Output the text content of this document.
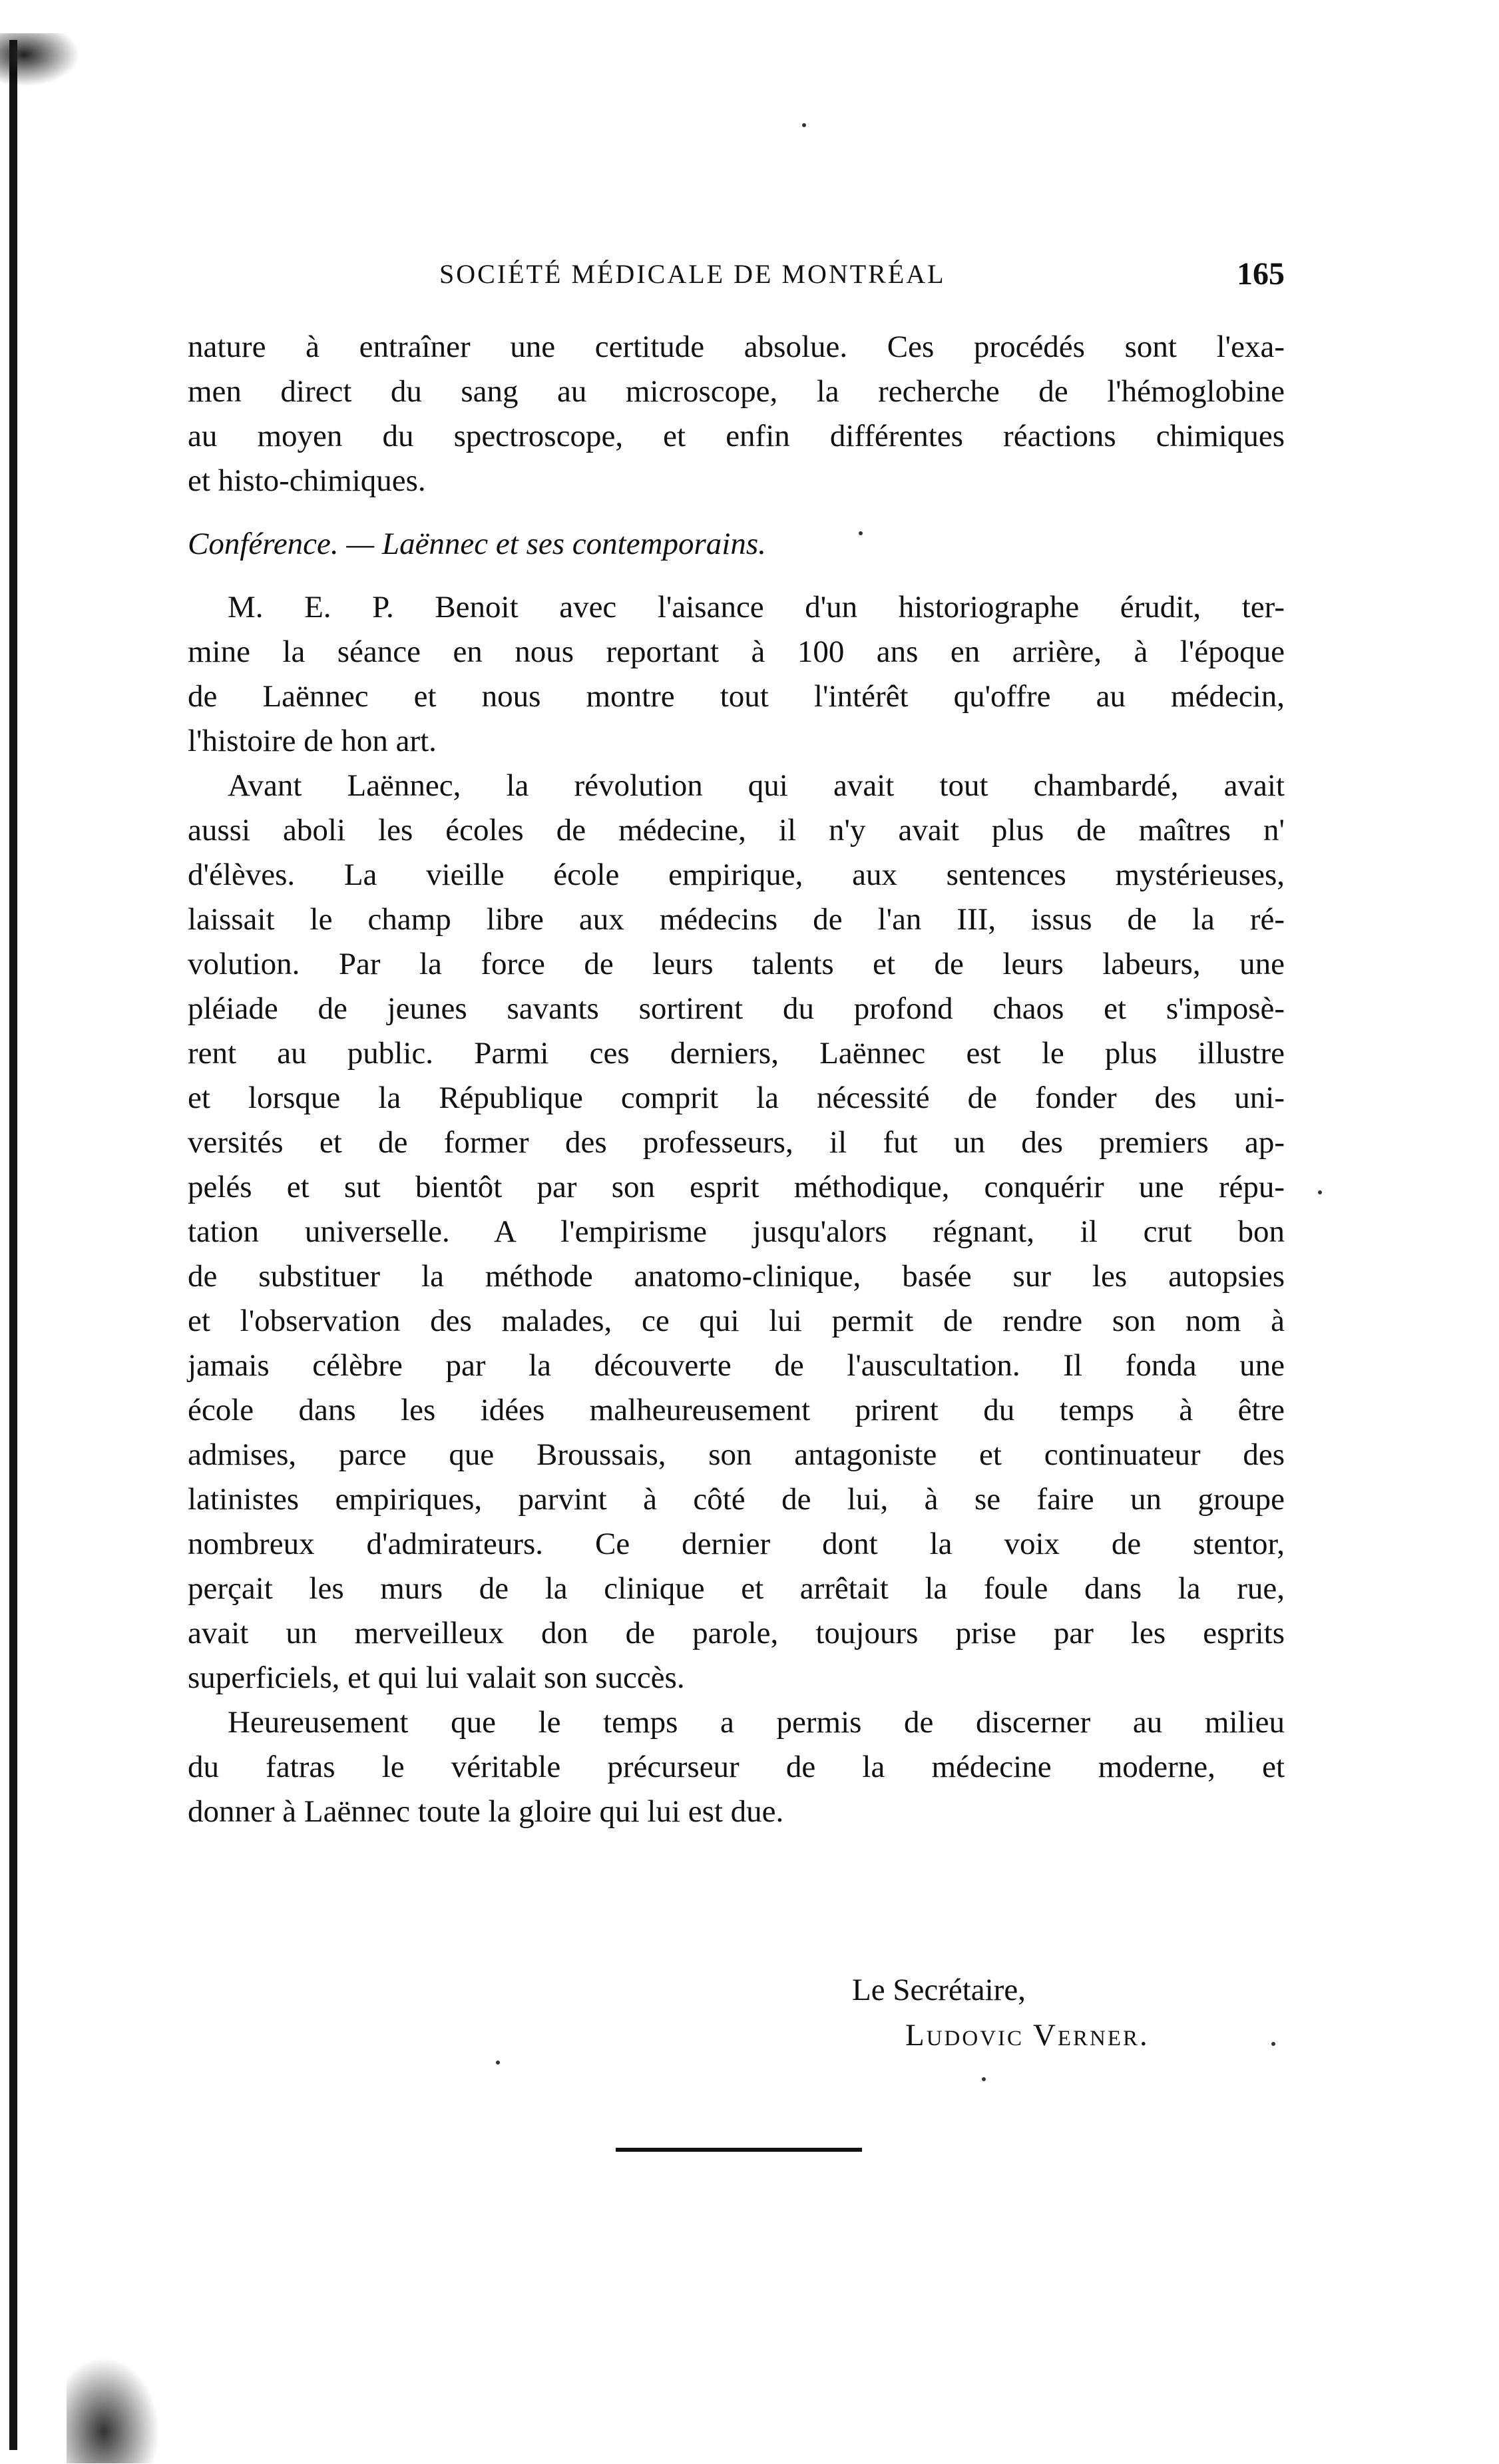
SOCIÉTÉ MÉDICALE DE MONTRÉAL	165
nature à entraîner une certitude absolue. Ces procédés sont l'exa-
men direct du sang au microscope, la recherche de l'hémoglobine
au moyen du spectroscope, et enfin différentes réactions chimiques
et histo-chimiques.
Conférence. — Laënnec et ses contemporains.
M. E. P. Benoit avec l'aisance d'un historiographe érudit, ter-
mine la séance en nous reportant à 100 ans en arrière, à l'époque
de Laënnec et nous montre tout l'intérêt qu'offre au médecin,
l'histoire de hon art.
Avant Laënnec, la révolution qui avait tout chambardé, avait
aussi aboli les écoles de médecine, il n'y avait plus de maîtres n'
d'élèves. La vieille école empirique, aux sentences mystérieuses,
laissait le champ libre aux médecins de l'an III, issus de la ré-
volution. Par la force de leurs talents et de leurs labeurs, une
pléiade de jeunes savants sortirent du profond chaos et s'imposè-
rent au public. Parmi ces derniers, Laënnec est le plus illustre
et lorsque la République comprit la nécessité de fonder des uni-
versités et de former des professeurs, il fut un des premiers ap-
pelés et sut bientôt par son esprit méthodique, conquérir une répu-
tation universelle. A l'empirisme jusqu'alors régnant, il crut bon
de substituer la méthode anatomo-clinique, basée sur les autopsies
et l'observation des malades, ce qui lui permit de rendre son nom à
jamais célèbre par la découverte de l'auscultation. Il fonda une
école dans les idées malheureusement prirent du temps à être
admises, parce que Broussais, son antagoniste et continuateur des
latinistes empiriques, parvint à côté de lui, à se faire un groupe
nombreux d'admirateurs. Ce dernier dont la voix de stentor,
perçait les murs de la clinique et arrêtait la foule dans la rue,
avait un merveilleux don de parole, toujours prise par les esprits
superficiels, et qui lui valait son succès.
Heureusement que le temps a permis de discerner au milieu
du fatras le véritable précurseur de la médecine moderne, et
donner à Laënnec toute la gloire qui lui est due.
Le Secrétaire,
Ludovic Verner.
